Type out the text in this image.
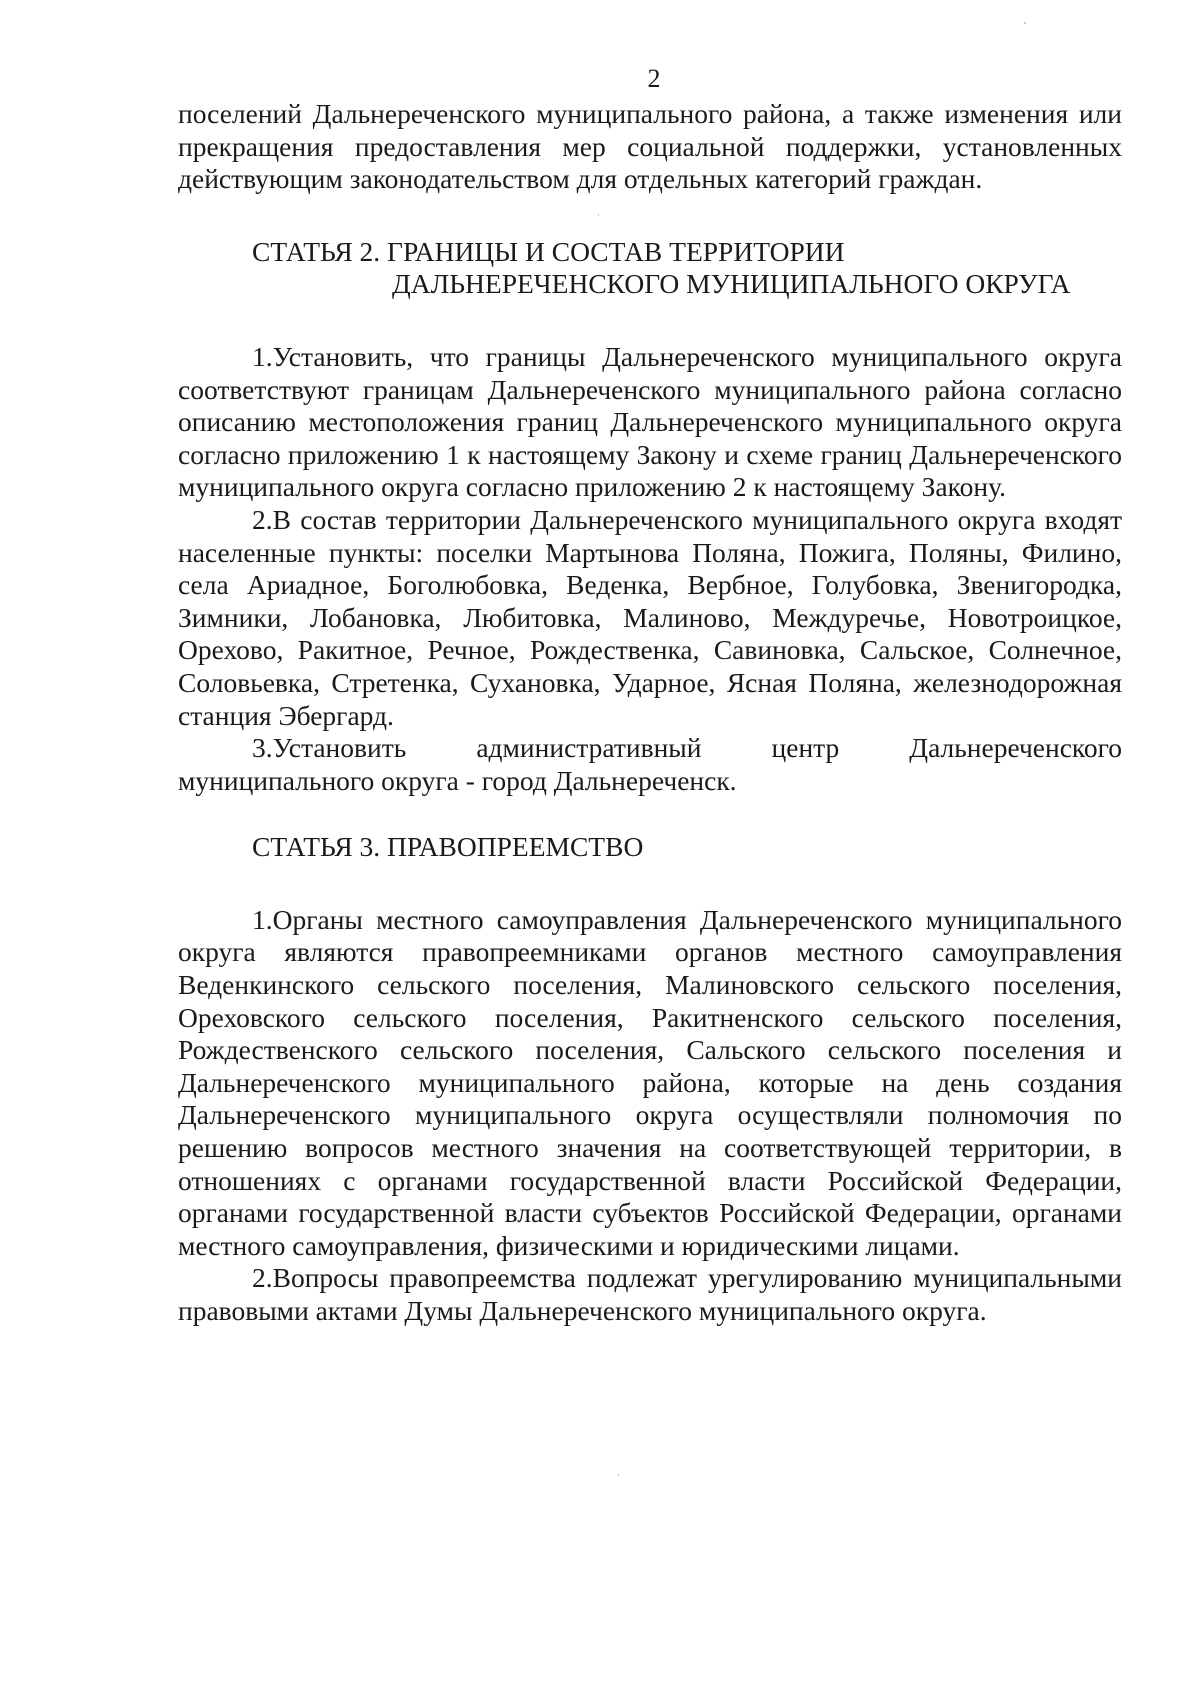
2

поселений Дальнереченского муниципального района, а также изменения или прекращения предоставления мер социальной поддержки, установленных действующим законодательством для отдельных категорий граждан.

СТАТЬЯ 2. ГРАНИЦЫ И СОСТАВ ТЕРРИТОРИИ
ДАЛЬНЕРЕЧЕНСКОГО МУНИЦИПАЛЬНОГО ОКРУГА

1.Установить, что границы Дальнереченского муниципального округа соответствуют границам Дальнереченского муниципального района согласно описанию местоположения границ Дальнереченского муниципального округа согласно приложению 1 к настоящему Закону и схеме границ Дальнереченского муниципального округа согласно приложению 2 к настоящему Закону.

2.В состав территории Дальнереченского муниципального округа входят населенные пункты: поселки Мартынова Поляна, Пожига, Поляны, Филино, села Ариадное, Боголюбовка, Веденка, Вербное, Голубовка, Звенигородка, Зимники, Лобановка, Любитовка, Малиново, Междуречье, Новотроицкое, Орехово, Ракитное, Речное, Рождественка, Савиновка, Сальское, Солнечное, Соловьевка, Стретенка, Сухановка, Ударное, Ясная Поляна, железнодорожная станция Эбергард.

3.Установить административный центр Дальнереченского муниципального округа - город Дальнереченск.

СТАТЬЯ 3. ПРАВОПРЕЕМСТВО

1.Органы местного самоуправления Дальнереченского муниципального округа являются правопреемниками органов местного самоуправления Веденкинского сельского поселения, Малиновского сельского поселения, Ореховского сельского поселения, Ракитненского сельского поселения, Рождественского сельского поселения, Сальского сельского поселения и Дальнереченского муниципального района, которые на день создания Дальнереченского муниципального округа осуществляли полномочия по решению вопросов местного значения на соответствующей территории, в отношениях с органами государственной власти Российской Федерации, органами государственной власти субъектов Российской Федерации, органами местного самоуправления, физическими и юридическими лицами.

2.Вопросы правопреемства подлежат урегулированию муниципальными правовыми актами Думы Дальнереченского муниципального округа.
